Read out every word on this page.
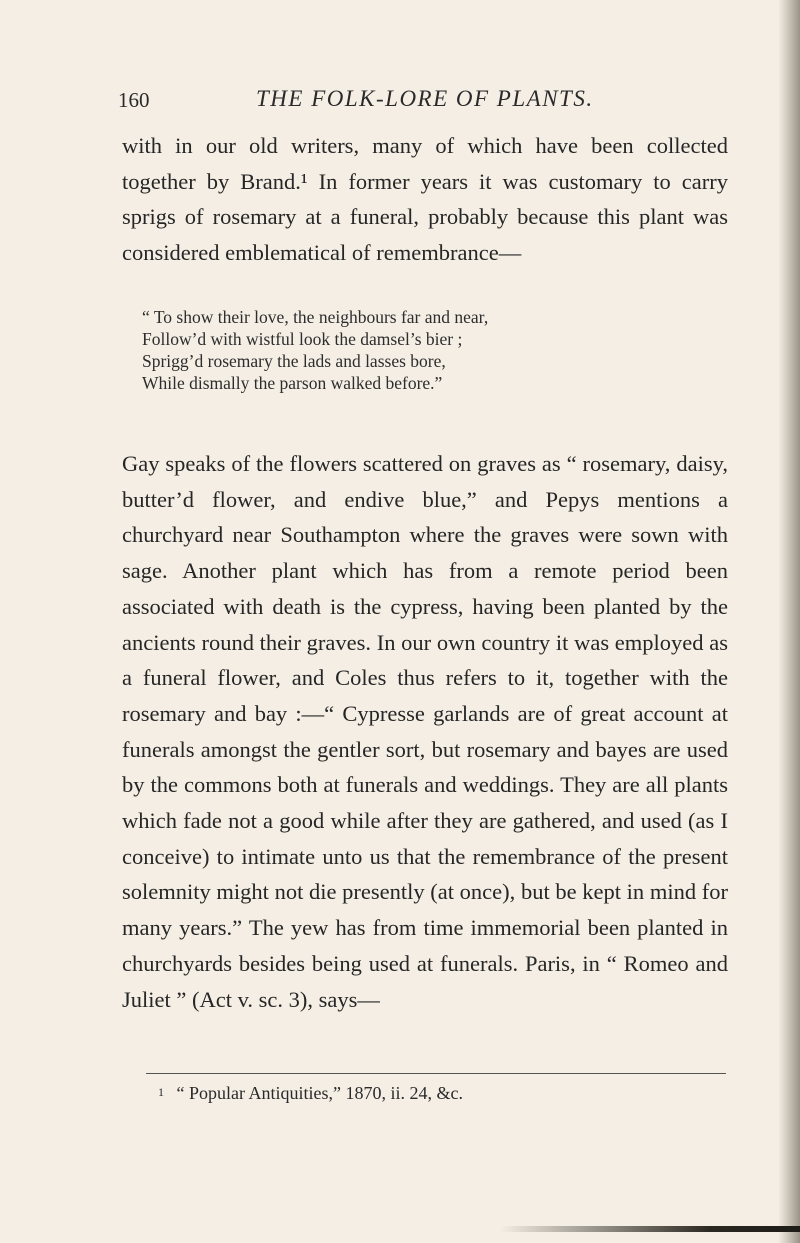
160	THE FOLK-LORE OF PLANTS.

with in our old writers, many of which have been collected together by Brand.¹ In former years it was customary to carry sprigs of rosemary at a funeral, probably because this plant was considered emblematical of remembrance—

“ To show their love, the neighbours far and near,
Follow’d with wistful look the damsel’s bier ;
Sprigg’d rosemary the lads and lasses bore,
While dismally the parson walked before.”

Gay speaks of the flowers scattered on graves as “ rosemary, daisy, butter’d flower, and endive blue,” and Pepys mentions a churchyard near Southampton where the graves were sown with sage. Another plant which has from a remote period been associated with death is the cypress, having been planted by the ancients round their graves. In our own country it was employed as a funeral flower, and Coles thus refers to it, together with the rosemary and bay :—“ Cypresse garlands are of great account at funerals amongst the gentler sort, but rosemary and bayes are used by the commons both at funerals and weddings. They are all plants which fade not a good while after they are gathered, and used (as I conceive) to intimate unto us that the remembrance of the present solemnity might not die presently (at once), but be kept in mind for many years.” The yew has from time immemorial been planted in churchyards besides being used at funerals. Paris, in “ Romeo and Juliet ” (Act v. sc. 3), says—

1 “ Popular Antiquities,” 1870, ii. 24, &c.
